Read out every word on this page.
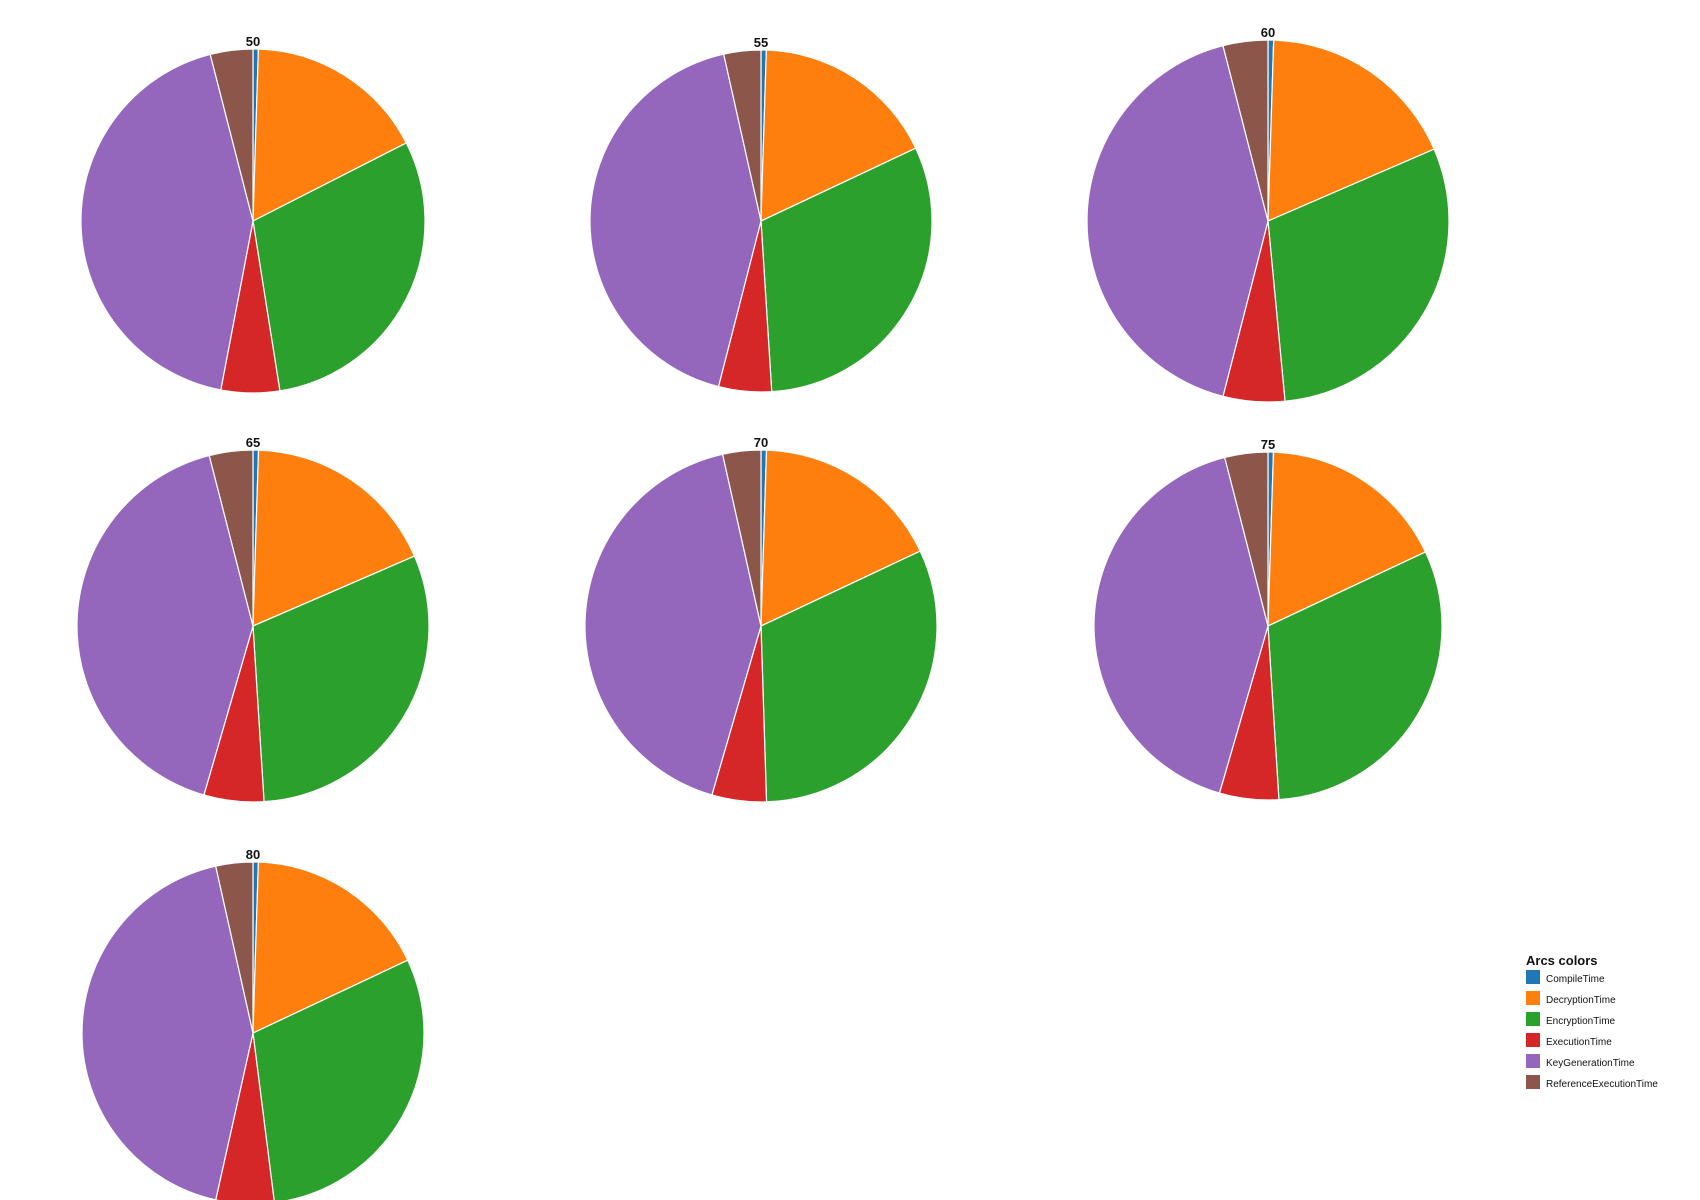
50	55
60
65	70	75
80
Arcs colors
CompileTime
DecryptionTime
EncryptionTime
ExecutionTime
KeyGenerationTime
ReferenceExecutionTime
